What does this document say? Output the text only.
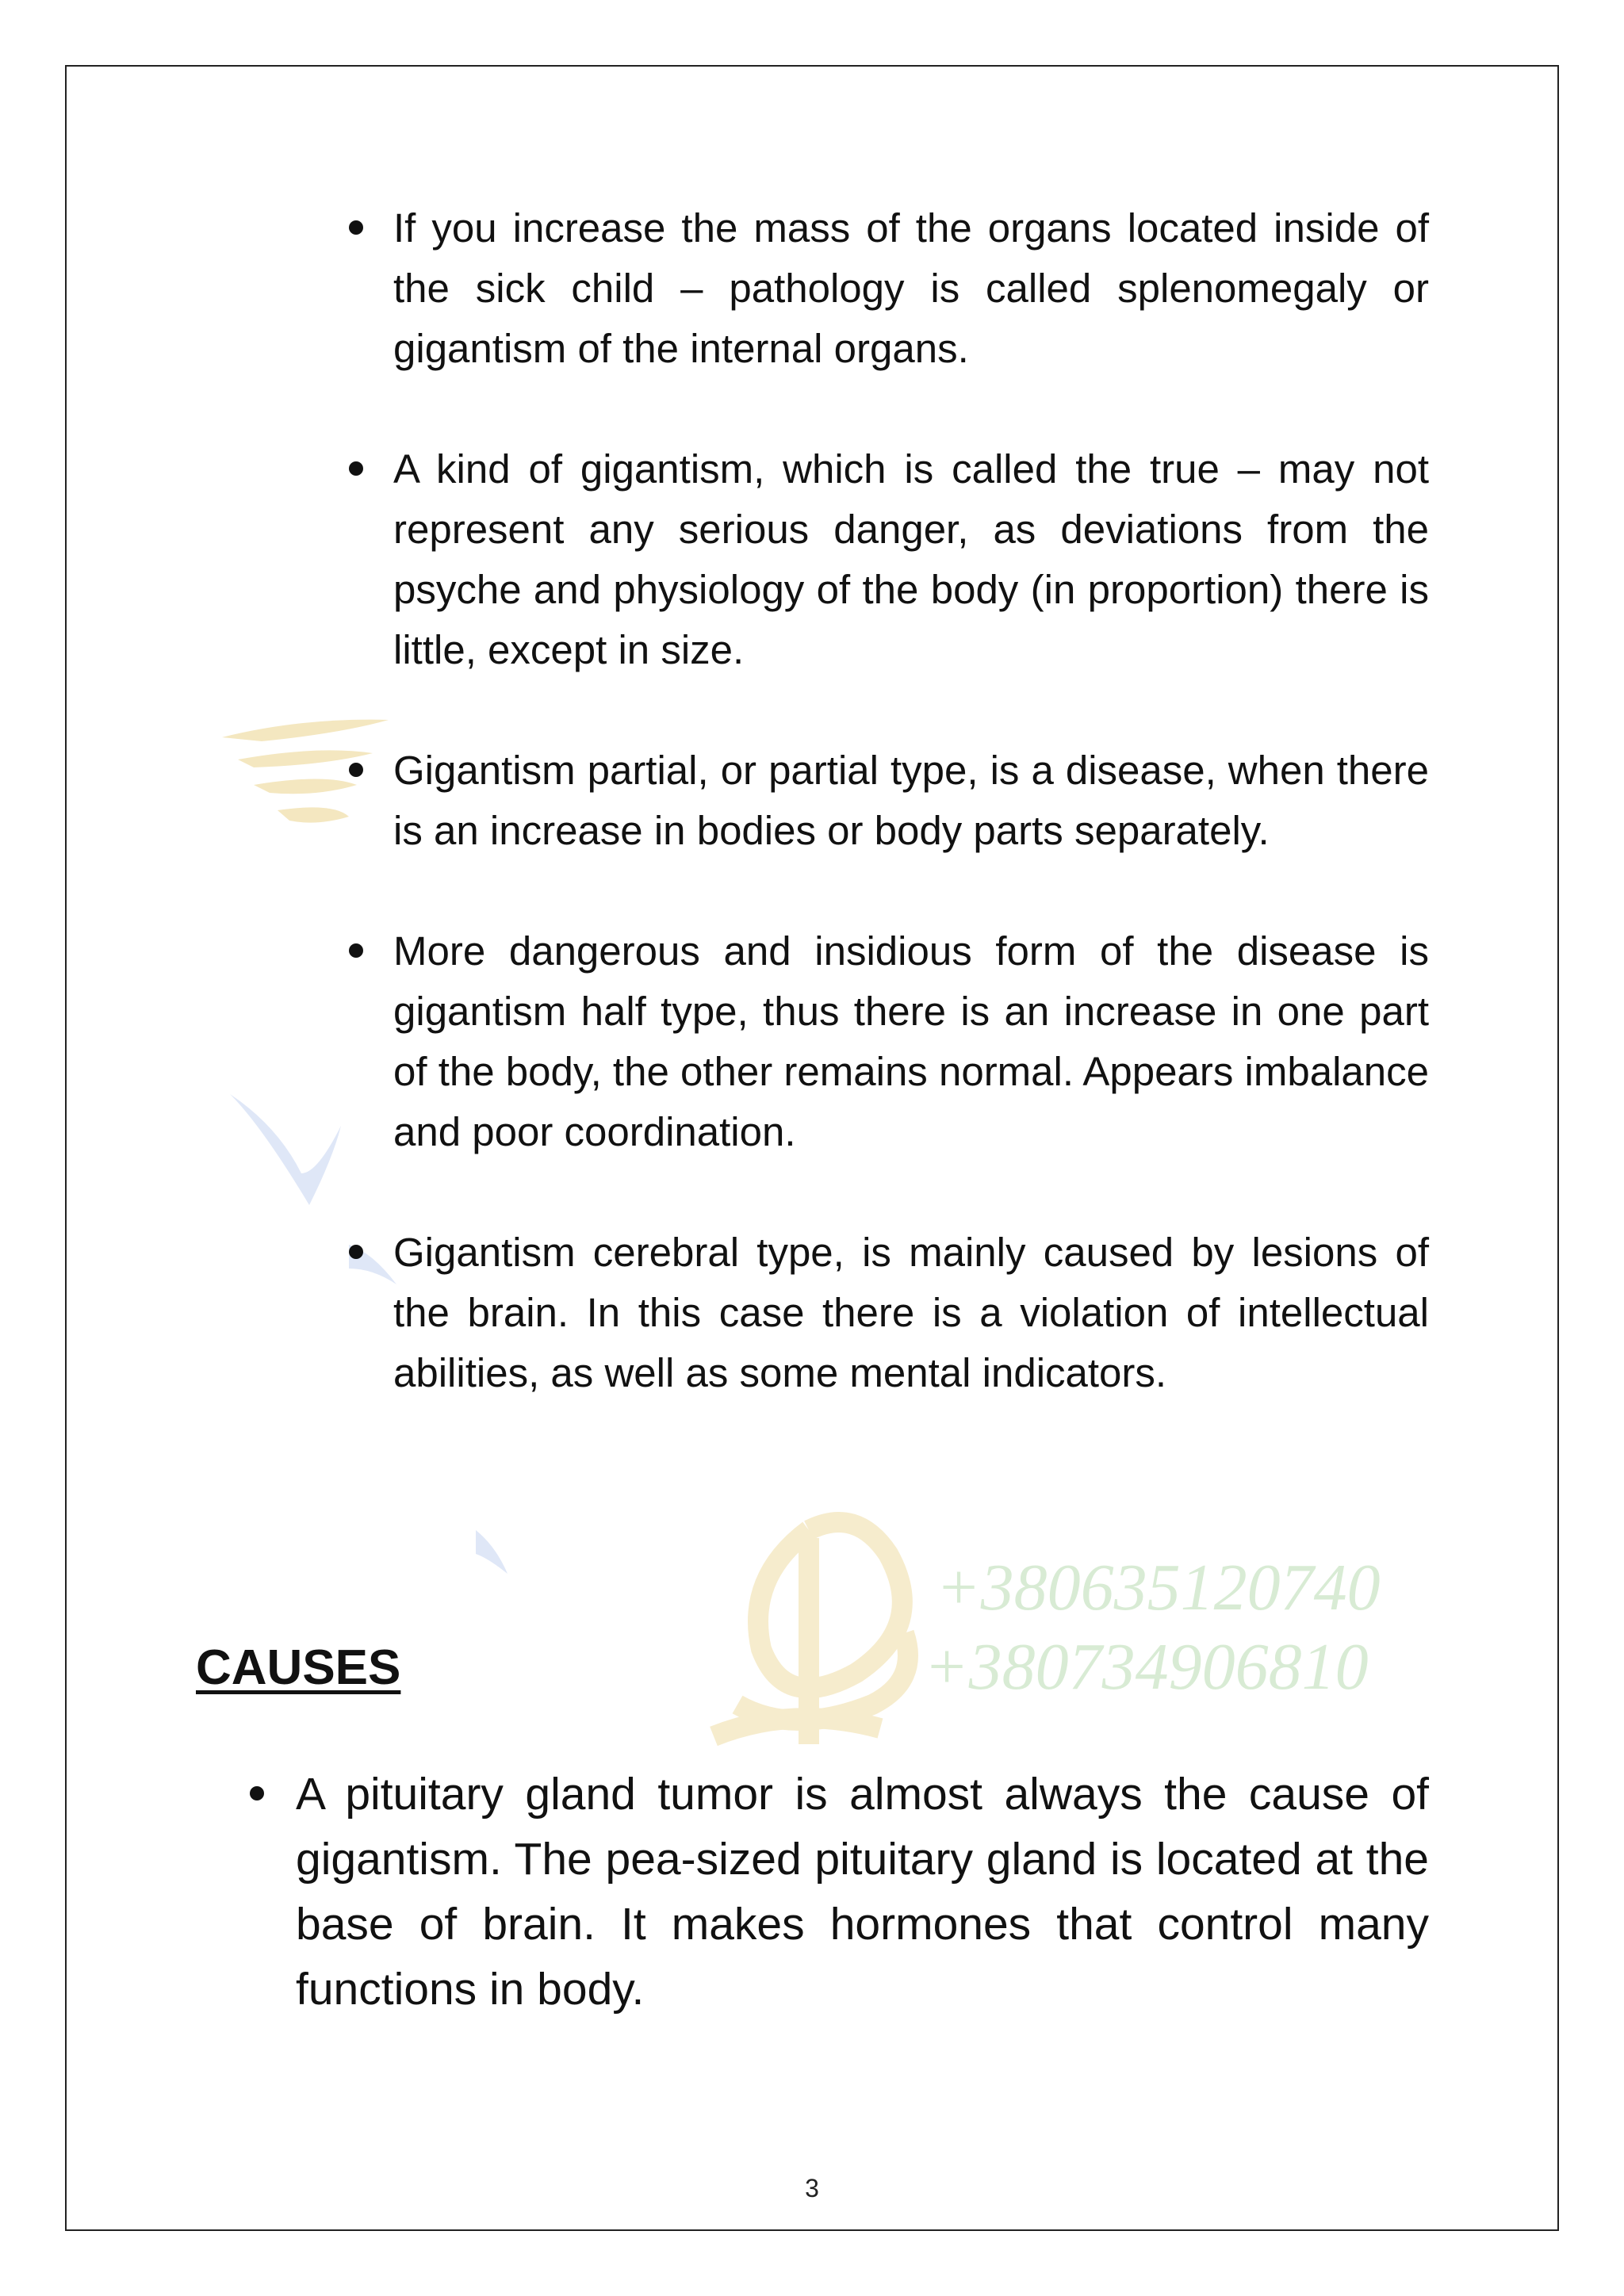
+380635120740
+380734906810
If you increase the mass of the organs located inside of the sick child – pathology is called splenomegaly or gigantism of the internal organs.
A kind of gigantism, which is called the true – may not represent any serious danger, as deviations from the psyche and physiology of the body (in proportion) there is little, except in size.
Gigantism partial, or partial type, is a disease, when there is an increase in bodies or body parts separately.
More dangerous and insidious form of the disease is gigantism half type, thus there is an increase in one part of the body, the other remains normal. Appears imbalance and poor coordination.
Gigantism cerebral type, is mainly caused by lesions of the brain. In this case there is a violation of intellectual abilities, as well as some mental indicators.
CAUSES
A pituitary gland tumor is almost always the cause of gigantism. The pea-sized pituitary gland is located at the base of brain. It makes hormones that control many functions in body.
3
